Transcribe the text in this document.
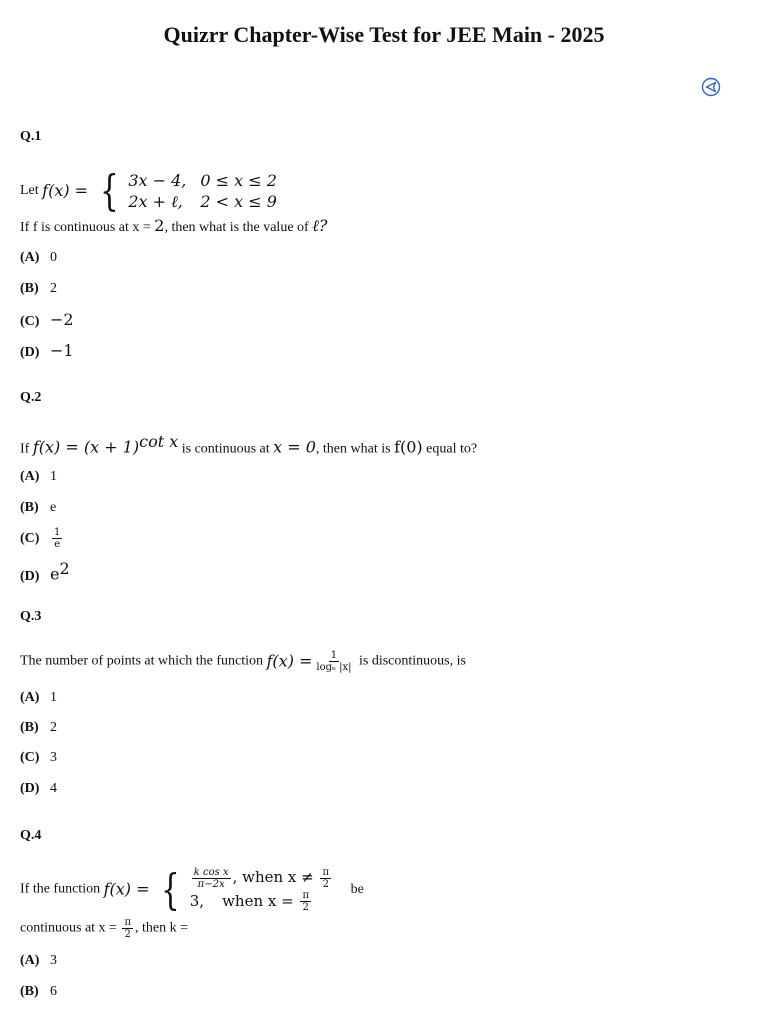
Quizrr Chapter-Wise Test for JEE Main - 2025
Q.1
Let f(x) = { 3x − 4, 0 ≤ x ≤ 2
2x + ℓ, 2 < x ≤ 9
If f is continuous at x = 2, then what is the value of ℓ?
(A) 0
(B) 2
(C) −2
(D) −1
Q.2
If $f(x) = (x + 1)^{cot x}$ is continuous at x = 0, then what is f(0) equal to?
(A) 1
(B) e
$(C) \frac{1}{e}$
(D) $e^2$
Q.3
The number of points at which the function $f(x) = \frac{1}{\text{logₑ |x|}}$ is discontinuous, is
(A) 1
(B) 2
(C) 3
(D) 4
Q.4
If the function f(x) = { $\frac{\text{k cos x}}{\pi-2x}$ , when $x \ne \frac{\pi}{2}$
3, when $x = \frac{\pi}{2}$
be
continuous at $x = \frac{\pi}{2}$ , then k =
(A) 3
(B) 6
